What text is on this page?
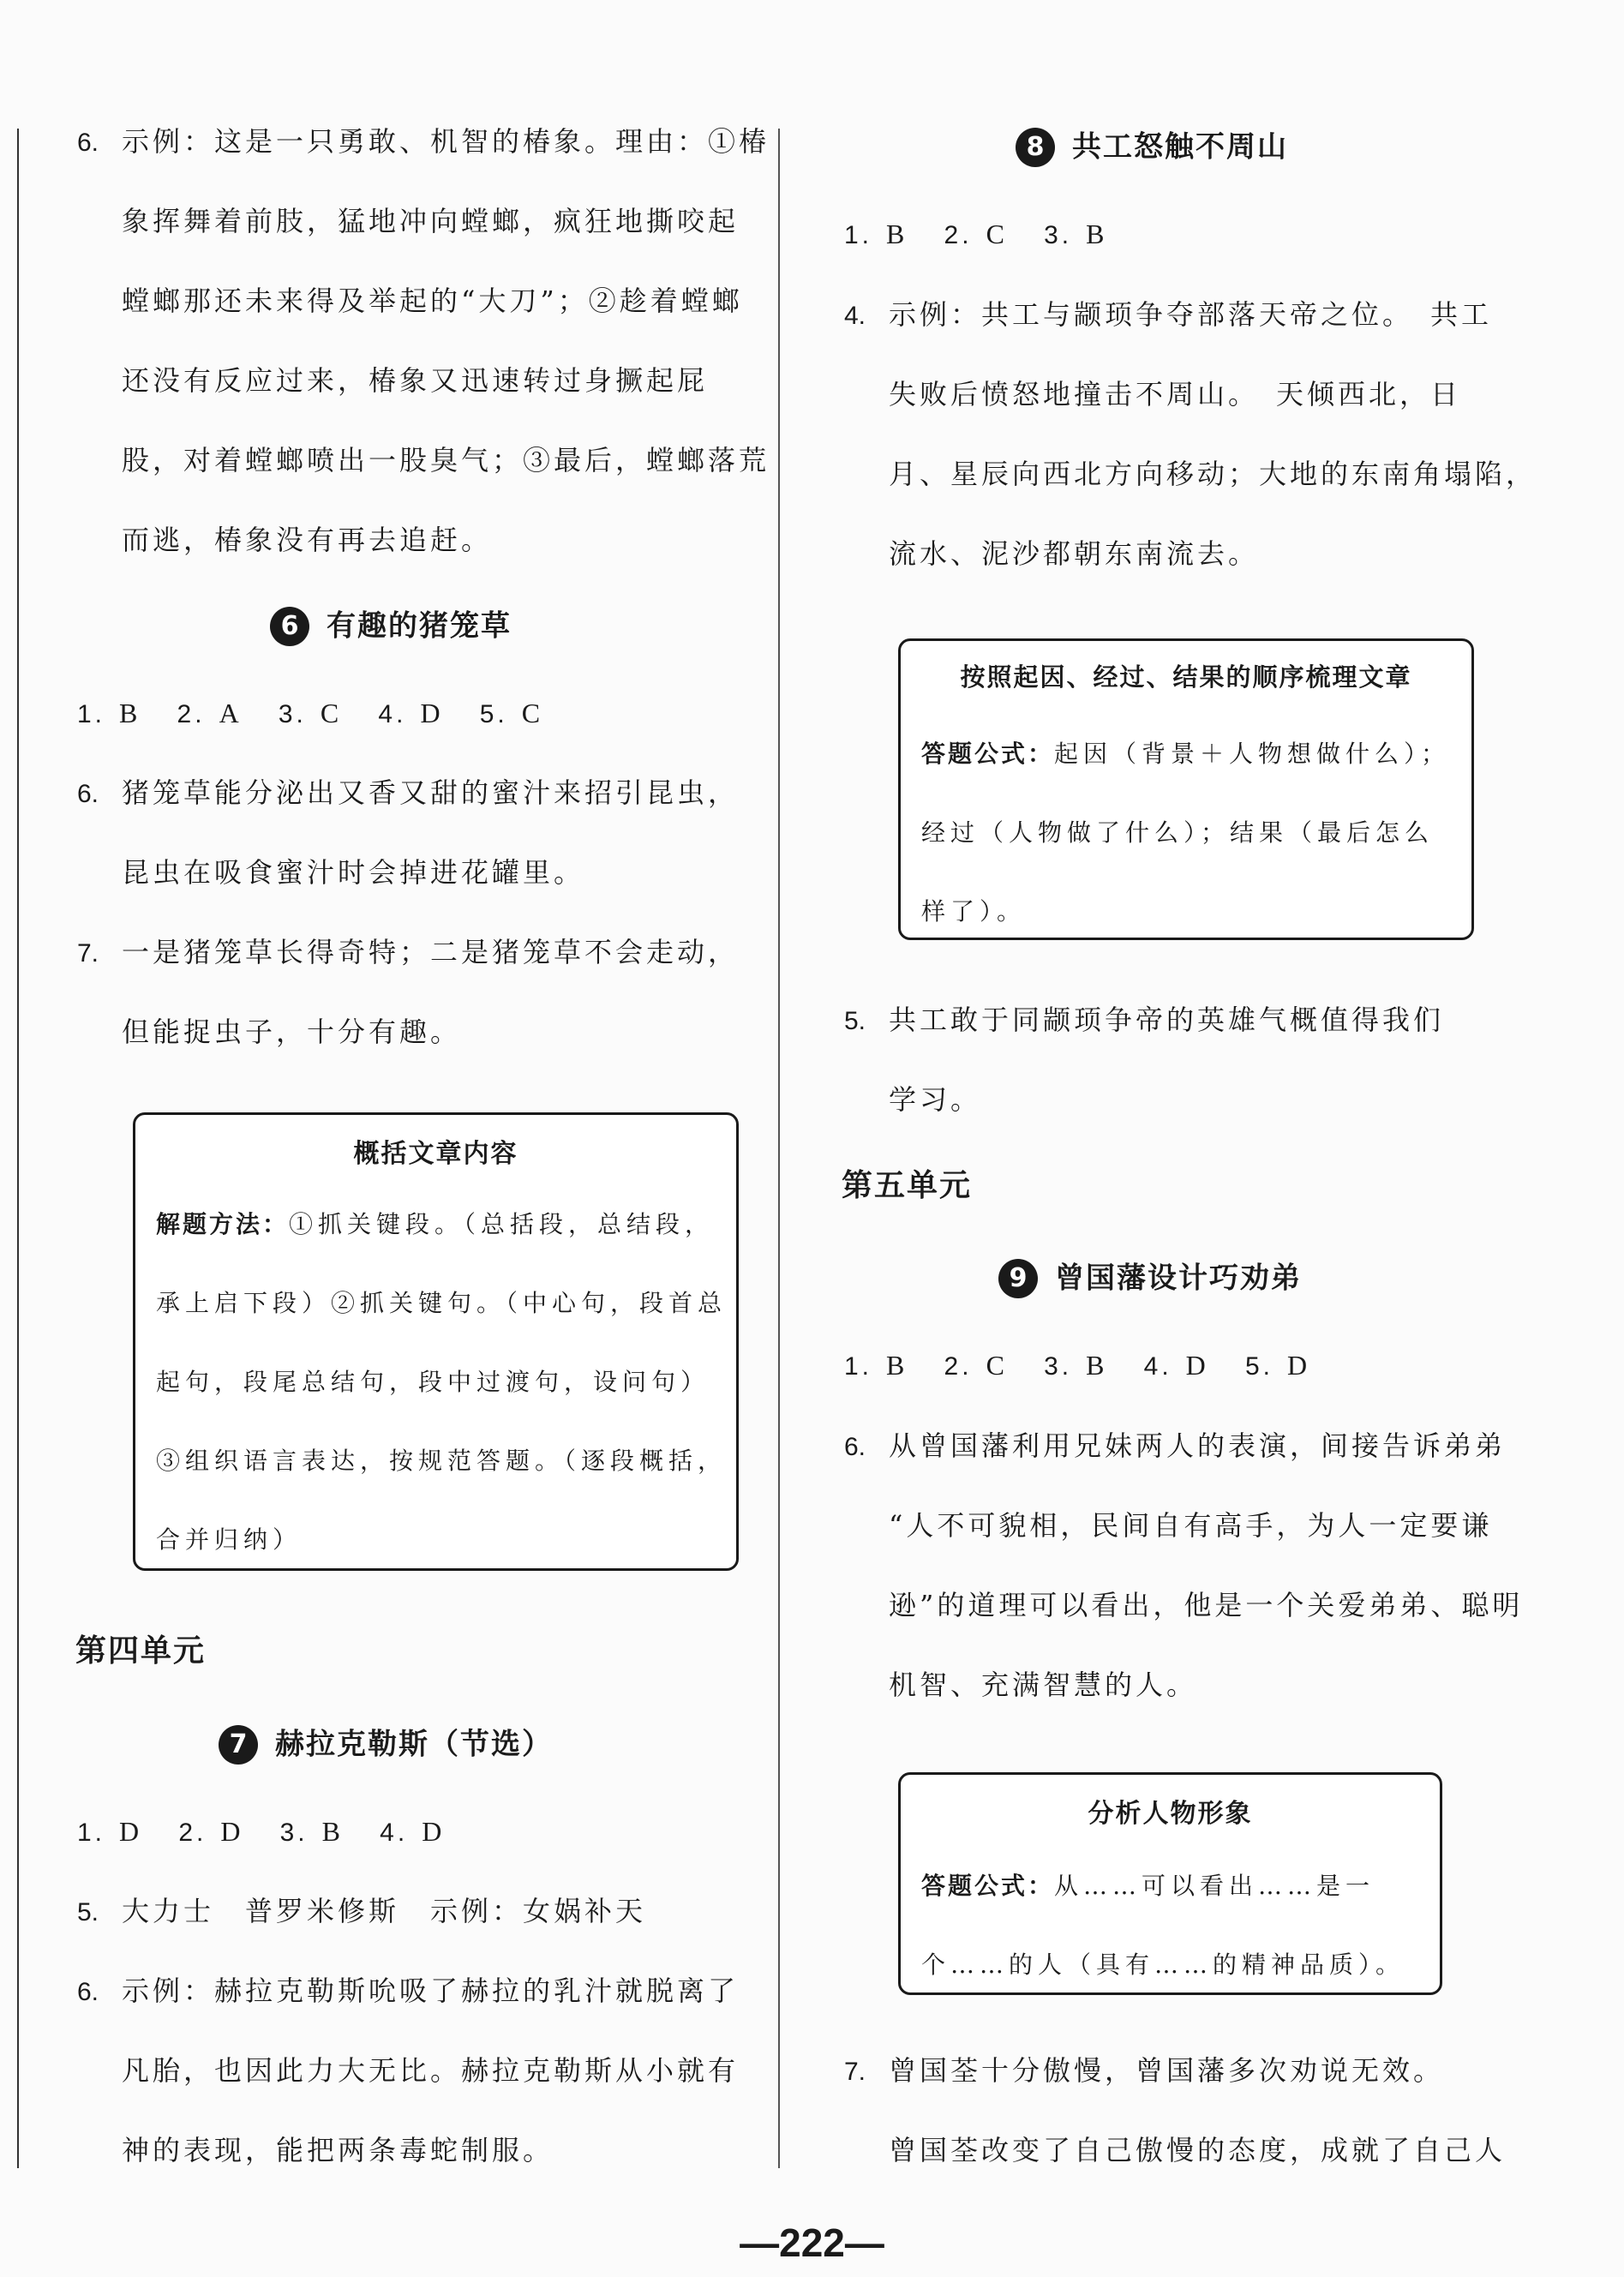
6. 示例：这是一只勇敢、机智的椿象。理由：①椿
象挥舞着前肢，猛地冲向螳螂，疯狂地撕咬起
螳螂那还未来得及举起的“大刀”；②趁着螳螂
还没有反应过来，椿象又迅速转过身撅起屁
股，对着螳螂喷出一股臭气；③最后，螳螂落荒
而逃，椿象没有再去追赶。
6 有趣的猪笼草
1. B 2. A 3. C 4. D 5. C
6. 猪笼草能分泌出又香又甜的蜜汁来招引昆虫，
昆虫在吸食蜜汁时会掉进花罐里。
7. 一是猪笼草长得奇特；二是猪笼草不会走动，
但能捉虫子，十分有趣。
概括文章内容
解题方法：①抓关键段。（总括段，总结段，
承上启下段）②抓关键句。（中心句，段首总
起句，段尾总结句，段中过渡句，设问句）
③组织语言表达，按规范答题。（逐段概括，
合并归纳）
第四单元
7 赫拉克勒斯（节选）
1. D 2. D 3. B 4. D
5. 大力士　普罗米修斯　示例：女娲补天
6. 示例：赫拉克勒斯吮吸了赫拉的乳汁就脱离了
凡胎，也因此力大无比。赫拉克勒斯从小就有
神的表现，能把两条毒蛇制服。
8 共工怒触不周山
1. B 2. C 3. B
4. 示例：共工与颛顼争夺部落天帝之位。　共工
失败后愤怒地撞击不周山。　天倾西北，日
月、星辰向西北方向移动；大地的东南角塌陷，
流水、泥沙都朝东南流去。
按照起因、经过、结果的顺序梳理文章
答题公式：起因（背景＋人物想做什么）；
经过（人物做了什么）；结果（最后怎么
样了）。
5. 共工敢于同颛顼争帝的英雄气概值得我们
学习。
第五单元
9 曾国藩设计巧劝弟
1. B 2. C 3. B 4. D 5. D
6. 从曾国藩利用兄妹两人的表演，间接告诉弟弟
“人不可貌相，民间自有高手，为人一定要谦
逊”的道理可以看出，他是一个关爱弟弟、聪明
机智、充满智慧的人。
分析人物形象
答题公式：从……可以看出……是一
个……的人（具有……的精神品质）。
7. 曾国荃十分傲慢，曾国藩多次劝说无效。
曾国荃改变了自己傲慢的态度，成就了自己人
—222—
